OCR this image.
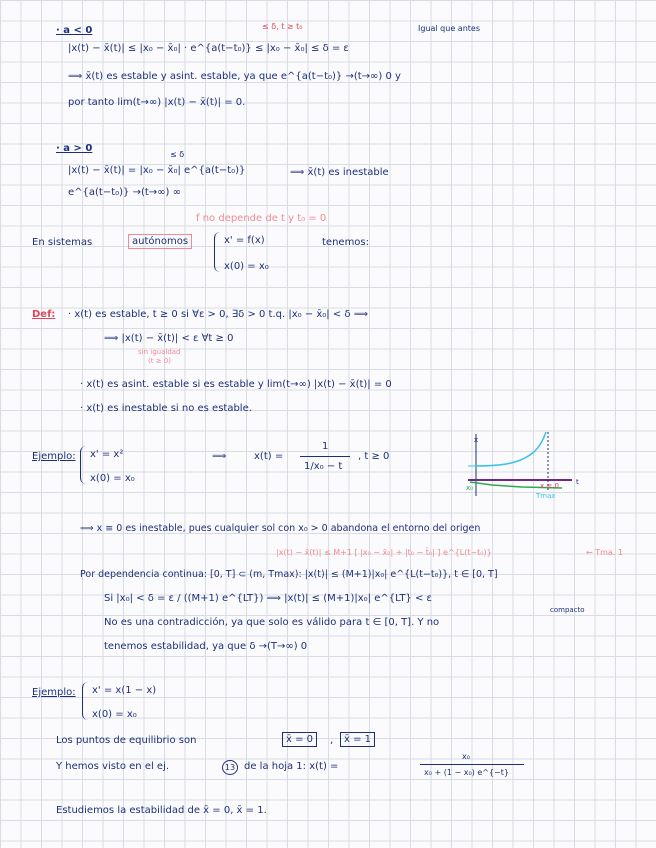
· a < 0	≤ δ, t ≥ t₀	Igual que antes
|x(t) − x̄(t)| ≤ |x₀ − x̄₀| · e^{a(t−t₀)} ≤ |x₀ − x̄₀| ≤ δ = ε
⟹ x̄(t) es estable y asint. estable, ya que e^{a(t−t₀)} →(t→∞) 0 y
por tanto lim(t→∞) |x(t) − x̄(t)| = 0.
· a > 0
≤ δ
|x(t) − x̄(t)| = |x₀ − x̄₀| e^{a(t−t₀)}	⟹ x̄(t) es inestable
e^{a(t−t₀)} →(t→∞) ∞
f no depende de t y t₀ = 0
En sistemas	autónomos	x' = f(x)
x(0) = x₀
tenemos:
Def: · x(t) es estable, t ≥ 0 si ∀ε > 0, ∃δ > 0 t.q. |x₀ − x̄₀| < δ ⟹
⟹ |x(t) − x̄(t)| < ε ∀t ≥ 0
sin igualdad
(t ≥ 0)
· x(t) es asint. estable si es estable y lim(t→∞) |x(t) − x̄(t)| = 0
· x(t) es inestable si no es estable.
Ejemplo: x' = x²
x(0) = x₀
⟹	x(t) =
1
1/x₀ − t
, t ≥ 0
x
t
x₀	x ≡ 0
Tmax
⟹ x ≡ 0 es inestable, pues cualquier sol con x₀ > 0 abandona el entorno del origen
|x(t) − x̄(t)| ≤ M+1 [ |x₀ − x̄₀| + |t₀ − t̄₀| ] e^{L(t−t₀)}	← Tma. 1
Por dependencia continua: [0, T] ⊂ (m, Tmax): |x(t)| ≤ (M+1)|x₀| e^{L(t−t₀)}, t ∈ [0, T]
Si |x₀| < δ = ε / ((M+1) e^{LT}) ⟹ |x(t)| ≤ (M+1)|x₀| e^{LT} < ε
compacto
No es una contradicción, ya que solo es válido para t ∈ [0, T]. Y no
tenemos estabilidad, ya que δ →(T→∞) 0
Ejemplo: x' = x(1 − x)
x(0) = x₀
Los puntos de equilibrio son	x̄ = 0	,	x̄ = 1
Y hemos visto en el ej.	13 de la hoja 1: x(t) =
x₀
x₀ + (1 − x₀) e^{−t}
Estudiemos la estabilidad de x̄ = 0, x̄ = 1.
